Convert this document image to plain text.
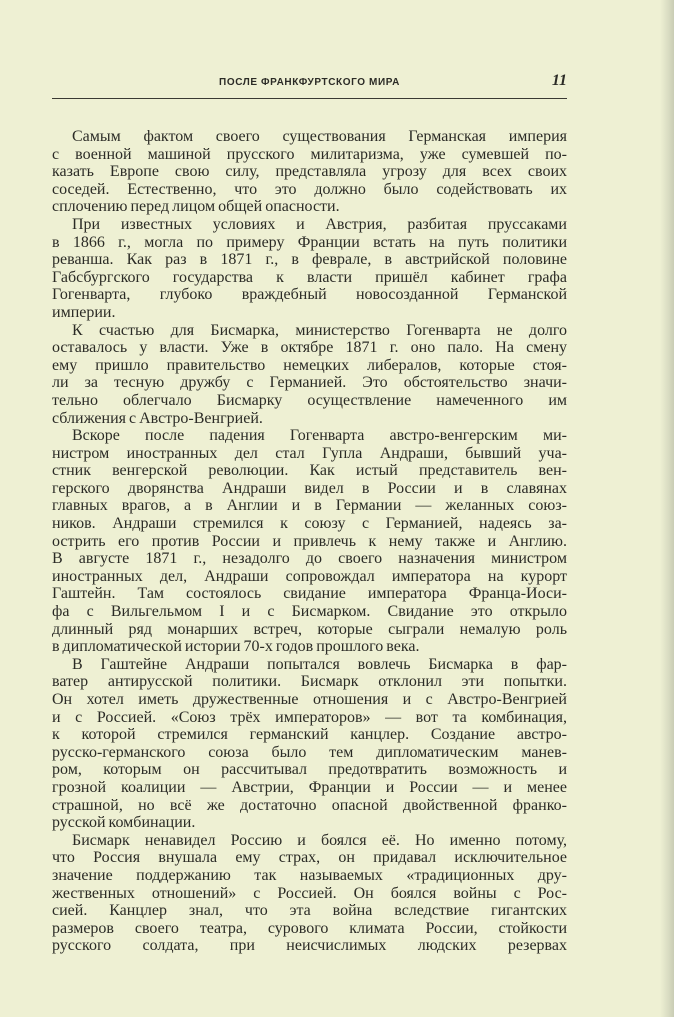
ПОСЛЕ ФРАНКФУРТСКОГО МИРА	11
Самым фактом своего существования Германская империя
с военной машиной прусского милитаризма, уже сумевшей по-
казать Европе свою силу, представляла угрозу для всех своих
соседей. Естественно, что это должно было содействовать их
сплочению перед лицом общей опасности.
При известных условиях и Австрия, разбитая пруссаками
в 1866 г., могла по примеру Франции встать на путь политики
реванша. Как раз в 1871 г., в феврале, в австрийской половине
Габсбургского государства к власти пришёл кабинет графа
Гогенварта, глубоко враждебный новосозданной Германской
империи.
К счастью для Бисмарка, министерство Гогенварта не долго
оставалось у власти. Уже в октябре 1871 г. оно пало. На смену
ему пришло правительство немецких либералов, которые стоя-
ли за тесную дружбу с Германией. Это обстоятельство значи-
тельно облегчало Бисмарку осуществление намеченного им
сближения с Австро-Венгрией.
Вскоре после падения Гогенварта австро-венгерским ми-
нистром иностранных дел стал Гупла Андраши, бывший уча-
стник венгерской революции. Как истый представитель вен-
герского дворянства Андраши видел в России и в славянах
главных врагов, а в Англии и в Германии — желанных союз-
ников. Андраши стремился к союзу с Германией, надеясь за-
острить его против России и привлечь к нему также и Англию.
В августе 1871 г., незадолго до своего назначения министром
иностранных дел, Андраши сопровождал императора на курорт
Гаштейн. Там состоялось свидание императора Франца-Иоси-
фа с Вильгельмом I и с Бисмарком. Свидание это открыло
длинный ряд монарших встреч, которые сыграли немалую роль
в дипломатической истории 70-х годов прошлого века.
В Гаштейне Андраши попытался вовлечь Бисмарка в фар-
ватер антирусской политики. Бисмарк отклонил эти попытки.
Он хотел иметь дружественные отношения и с Австро-Венгрией
и с Россией. «Союз трёх императоров» — вот та комбинация,
к которой стремился германский канцлер. Создание австро-
русско-германского союза было тем дипломатическим манев-
ром, которым он рассчитывал предотвратить возможность и
грозной коалиции — Австрии, Франции и России — и менее
страшной, но всё же достаточно опасной двойственной франко-
русской комбинации.
Бисмарк ненавидел Россию и боялся её. Но именно потому,
что Россия внушала ему страх, он придавал исключительное
значение поддержанию так называемых «традиционных дру-
жественных отношений» с Россией. Он боялся войны с Рос-
сией. Канцлер знал, что эта война вследствие гигантских
размеров своего театра, сурового климата России, стойкости
русского солдата, при неисчислимых людских резервах
